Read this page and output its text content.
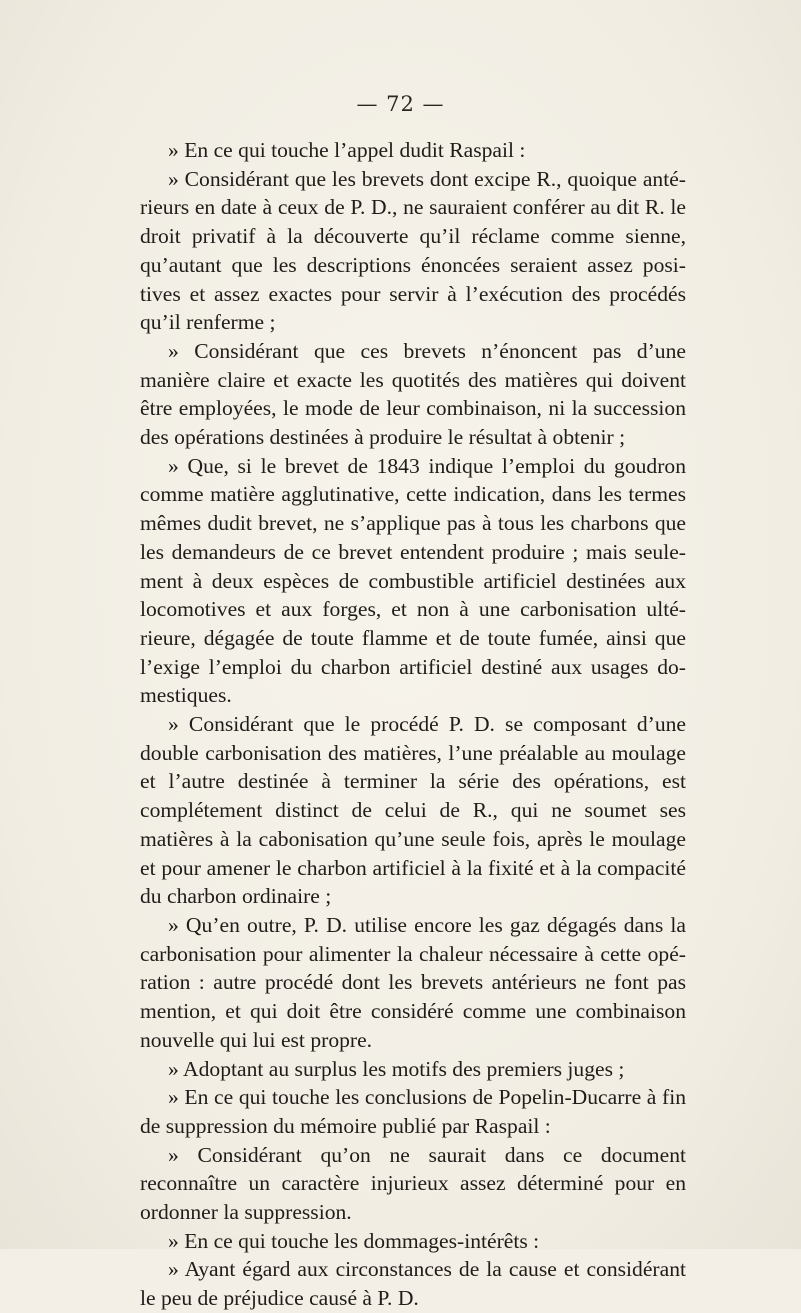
— 72 —

» En ce qui touche l’appel dudit Raspail :

» Considérant que les brevets dont excipe R., quoique antérieurs en date à ceux de P. D., ne sauraient conférer au dit R. le droit privatif à la découverte qu’il réclame comme sienne, qu’autant que les descriptions énoncées seraient assez positives et assez exactes pour servir à l’exécution des procédés qu’il renferme ;

» Considérant que ces brevets n’énoncent pas d’une manière claire et exacte les quotités des matières qui doivent être employées, le mode de leur combinaison, ni la succession des opérations destinées à produire le résultat à obtenir ;

» Que, si le brevet de 1843 indique l’emploi du goudron comme matière agglutinative, cette indication, dans les termes mêmes dudit brevet, ne s’applique pas à tous les charbons que les demandeurs de ce brevet entendent produire ; mais seulement à deux espèces de combustible artificiel destinées aux locomotives et aux forges, et non à une carbonisation ultérieure, dégagée de toute flamme et de toute fumée, ainsi que l’exige l’emploi du charbon artificiel destiné aux usages domestiques.

» Considérant que le procédé P. D. se composant d’une double carbonisation des matières, l’une préalable au moulage et l’autre destinée à terminer la série des opérations, est complétement distinct de celui de R., qui ne soumet ses matières à la cabonisation qu’une seule fois, après le moulage et pour amener le charbon artificiel à la fixité et à la compacité du charbon ordinaire ;

» Qu’en outre, P. D. utilise encore les gaz dégagés dans la carbonisation pour alimenter la chaleur nécessaire à cette opération : autre procédé dont les brevets antérieurs ne font pas mention, et qui doit être considéré comme une combinaison nouvelle qui lui est propre.

» Adoptant au surplus les motifs des premiers juges ;

» En ce qui touche les conclusions de Popelin-Ducarre à fin de suppression du mémoire publié par Raspail :

» Considérant qu’on ne saurait dans ce document reconnaître un caractère injurieux assez déterminé pour en ordonner la suppression.

» En ce qui touche les dommages-intérêts :

» Ayant égard aux circonstances de la cause et considérant le peu de préjudice causé à P. D.
